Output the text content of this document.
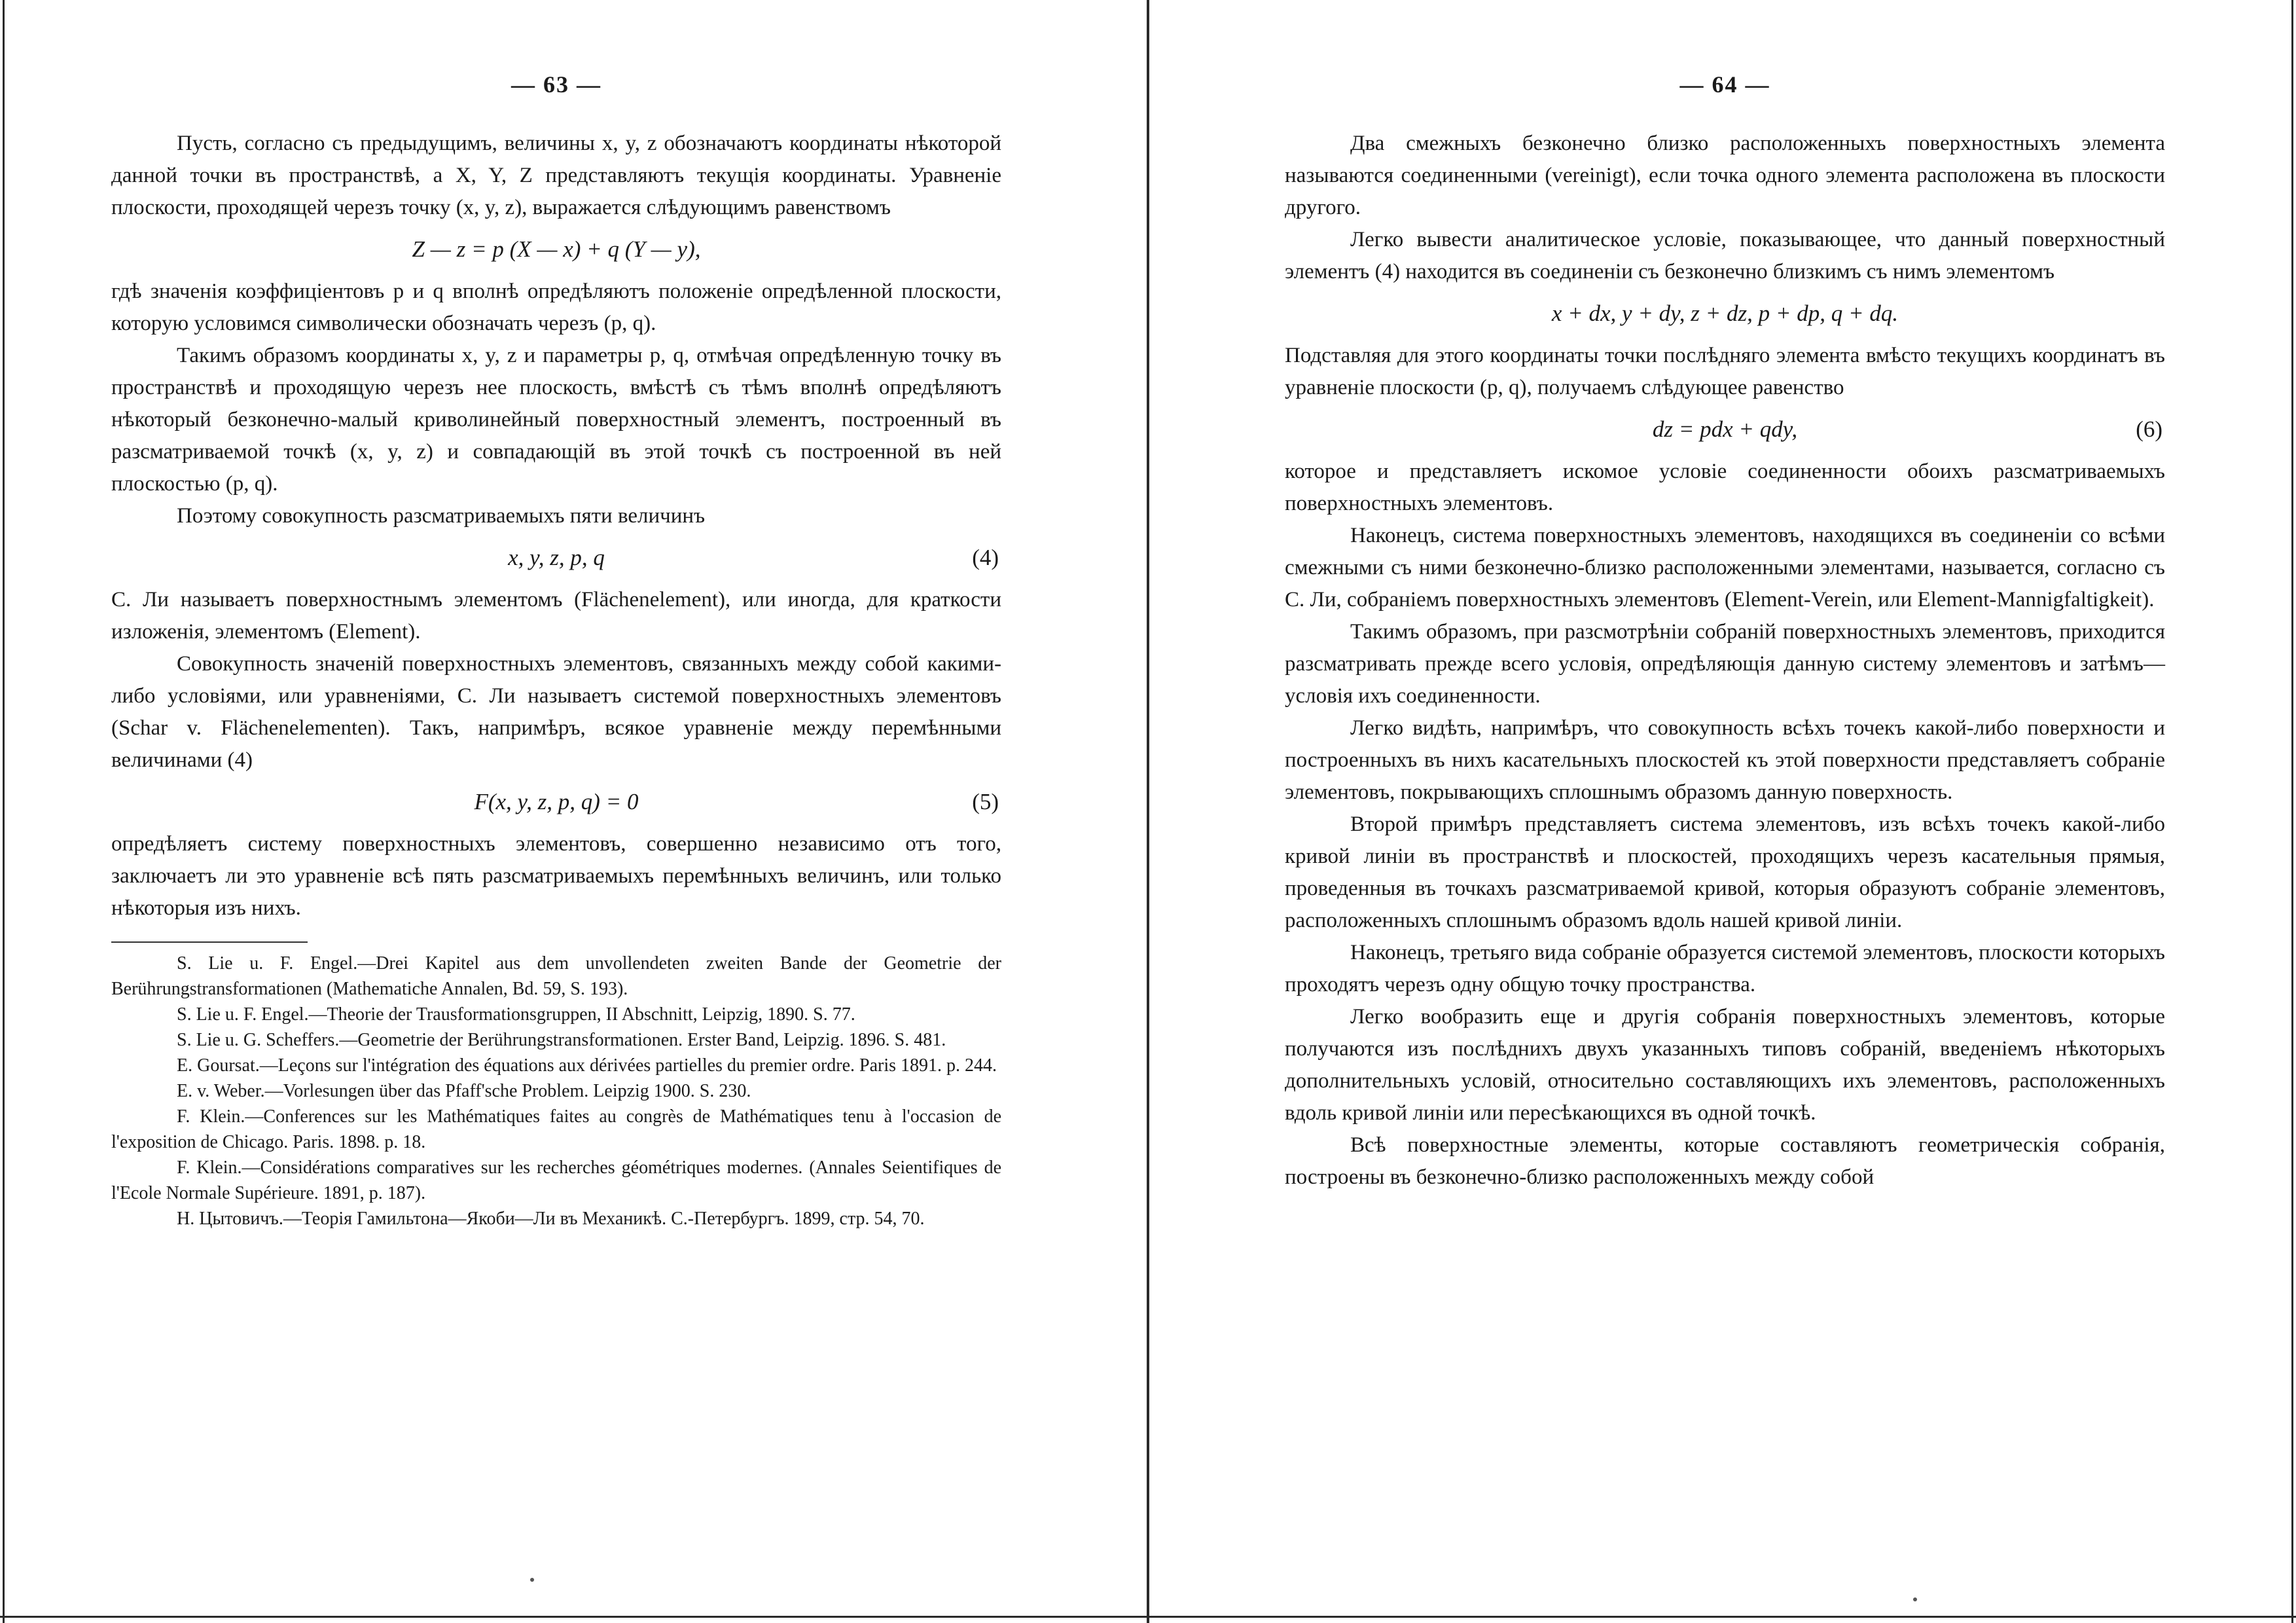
— 63 —

Пусть, согласно съ предыдущимъ, величины x, y, z обозначаютъ координаты нѣкоторой данной точки въ пространствѣ, а X, Y, Z представляютъ текущія координаты. Уравненіе плоскости, проходящей черезъ точку (x, y, z), выражается слѣдующимъ равенствомъ

Z — z = p (X — x) + q (Y — y),

гдѣ значенія коэффиціентовъ p и q вполнѣ опредѣляютъ положеніе опредѣленной плоскости, которую условимся символически обозначать черезъ (p, q).

Такимъ образомъ координаты x, y, z и параметры p, q, отмѣчая опредѣленную точку въ пространствѣ и проходящую черезъ нее плоскость, вмѣстѣ съ тѣмъ вполнѣ опредѣляютъ нѣкоторый безконечно-малый криволинейный поверхностный элементъ, построенный въ разсматриваемой точкѣ (x, y, z) и совпадающій въ этой точкѣ съ построенной въ ней плоскостью (p, q).

Поэтому совокупность разсматриваемыхъ пяти величинъ

x, y, z, p, q	(4)

С. Ли называетъ поверхностнымъ элементомъ (Flächenelement), или иногда, для краткости изложенія, элементомъ (Element).

Совокупность значеній поверхностныхъ элементовъ, связанныхъ между собой какими-либо условіями, или уравненіями, С. Ли называетъ системой поверхностныхъ элементовъ (Schar v. Flächenelementen). Такъ, напримѣръ, всякое уравненіе между перемѣнными величинами (4)

F(x, y, z, p, q) = 0	(5)

опредѣляетъ систему поверхностныхъ элементовъ, совершенно независимо отъ того, заключаетъ ли это уравненіе всѣ пять разсматриваемыхъ перемѣнныхъ величинъ, или только нѣкоторыя изъ нихъ.

S. Lie u. F. Engel.—Drei Kapitel aus dem unvollendeten zweiten Bande der Geometrie der Berührungstransformationen (Mathematiche Annalen, Bd. 59, S. 193).

S. Lie u. F. Engel.—Theorie der Trausformationsgruppen, II Abschnitt, Leipzig, 1890. S. 77.

S. Lie u. G. Scheffers.—Geometrie der Berührungstransformationen. Erster Band, Leipzig. 1896. S. 481.

E. Goursat.—Leçons sur l'intégration des équations aux dérivées partielles du premier ordre. Paris 1891. p. 244.

E. v. Weber.—Vorlesungen über das Pfaff'sche Problem. Leipzig 1900. S. 230.

F. Klein.—Conferences sur les Mathématiques faites au congrès de Mathématiques tenu à l'occasion de l'exposition de Chicago. Paris. 1898. p. 18.

F. Klein.—Considérations comparatives sur les recherches géométriques modernes. (Annales Seientifiques de l'Ecole Normale Supérieure. 1891, p. 187).

H. Цытовичъ.—Теорія Гамильтона—Якоби—Ли въ Механикѣ. С.-Петербургъ. 1899, стр. 54, 70.

— 64 —

Два смежныхъ безконечно близко расположенныхъ поверхностныхъ элемента называются соединенными (vereinigt), если точка одного элемента расположена въ плоскости другого.

Легко вывести аналитическое условіе, показывающее, что данный поверхностный элементъ (4) находится въ соединеніи съ безконечно близкимъ съ нимъ элементомъ

x + dx, y + dy, z + dz, p + dp, q + dq.

Подставляя для этого координаты точки послѣдняго элемента вмѣсто текущихъ координатъ въ уравненіе плоскости (p, q), получаемъ слѣдующее равенство

dz = pdx + qdy,	(6)

которое и представляетъ искомое условіе соединенности обоихъ разсматриваемыхъ поверхностныхъ элементовъ.

Наконецъ, система поверхностныхъ элементовъ, находящихся въ соединеніи со всѣми смежными съ ними безконечно-близко расположенными элементами, называется, согласно съ С. Ли, собраніемъ поверхностныхъ элементовъ (Element-Verein, или Element-Mannigfaltigkeit).

Такимъ образомъ, при разсмотрѣніи собраній поверхностныхъ элементовъ, приходится разсматривать прежде всего условія, опредѣляющія данную систему элементовъ и затѣмъ—условія ихъ соединенности.

Легко видѣть, напримѣръ, что совокупность всѣхъ точекъ какой-либо поверхности и построенныхъ въ нихъ касательныхъ плоскостей къ этой поверхности представляетъ собраніе элементовъ, покрывающихъ сплошнымъ образомъ данную поверхность.

Второй примѣръ представляетъ система элементовъ, изъ всѣхъ точекъ какой-либо кривой линіи въ пространствѣ и плоскостей, проходящихъ черезъ касательныя прямыя, проведенныя въ точкахъ разсматриваемой кривой, которыя образуютъ собраніе элементовъ, расположенныхъ сплошнымъ образомъ вдоль нашей кривой линіи.

Наконецъ, третьяго вида собраніе образуется системой элементовъ, плоскости которыхъ проходятъ черезъ одну общую точку пространства.

Легко вообразить еще и другія собранія поверхностныхъ элементовъ, которые получаются изъ послѣднихъ двухъ указанныхъ типовъ собраній, введеніемъ нѣкоторыхъ дополнительныхъ условій, относительно составляющихъ ихъ элементовъ, расположенныхъ вдоль кривой линіи или пересѣкающихся въ одной точкѣ.

Всѣ поверхностные элементы, которые составляютъ геометрическія собранія, построены въ безконечно-близко расположенныхъ между собой
